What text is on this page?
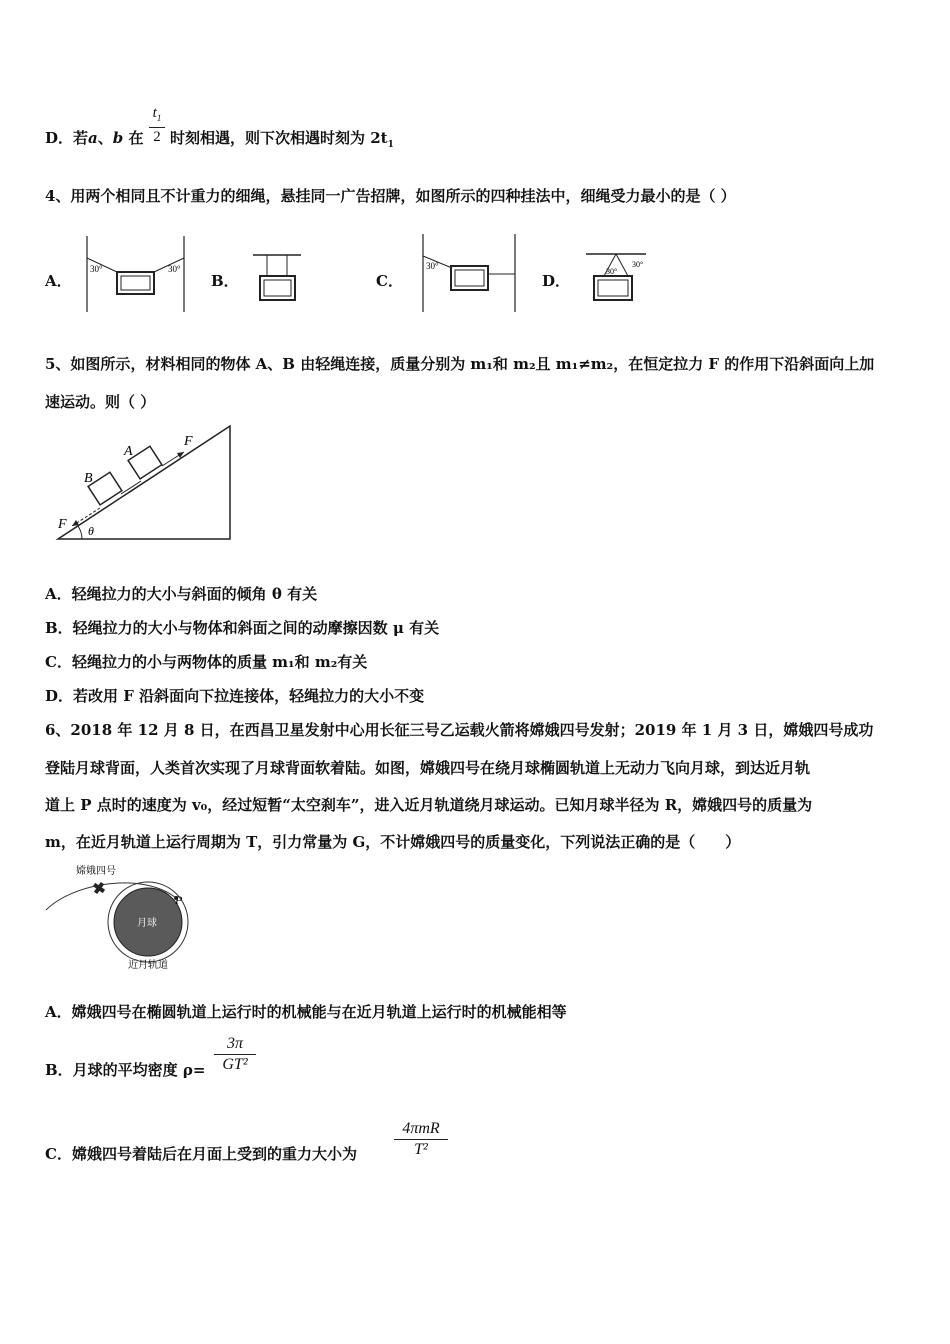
D．若a、b 在
$t_1$
2 时刻相遇，则下次相遇时刻为 $2t_1$
4、用两个相同且不计重力的细绳，悬挂同一广告招牌，如图所示的四种挂法中，细绳受力最小的是（ ）
A．	B．	C．	D．
30°	30°	30°
30°
30°
5、如图所示，材料相同的物体 A、B 由轻绳连接，质量分别为 m₁和 m₂且 m₁≠m₂，在恒定拉力 F 的作用下沿斜面向上加
速运动。则（ ）
A
B
F
F θ
A．轻绳拉力的大小与斜面的倾角 θ 有关
B．轻绳拉力的大小与物体和斜面之间的动摩擦因数 μ 有关
C．轻绳拉力的小与两物体的质量 m₁和 m₂有关
D．若改用 F 沿斜面向下拉连接体，轻绳拉力的大小不变
6、2018 年 12 月 8 日，在西昌卫星发射中心用长征三号乙运载火箭将嫦娥四号发射；2019 年 1 月 3 日，嫦娥四号成功
登陆月球背面，人类首次实现了月球背面软着陆。如图，嫦娥四号在绕月球椭圆轨道上无动力飞向月球，到达近月轨
道上 P 点时的速度为 v₀，经过短暂“太空刹车”，进入近月轨道绕月球运动。已知月球半径为 R，嫦娥四号的质量为
m，在近月轨道上运行周期为 T，引力常量为 G，不计嫦娥四号的质量变化，下列说法正确的是（　　）
嫦娥四号
月球
P
近月轨道
A．嫦娥四号在椭圆轨道上运行时的机械能与在近月轨道上运行时的机械能相等
B．月球的平均密度 ρ=
3π
GT²
C．嫦娥四号着陆后在月面上受到的重力大小为
4πmR
T²
